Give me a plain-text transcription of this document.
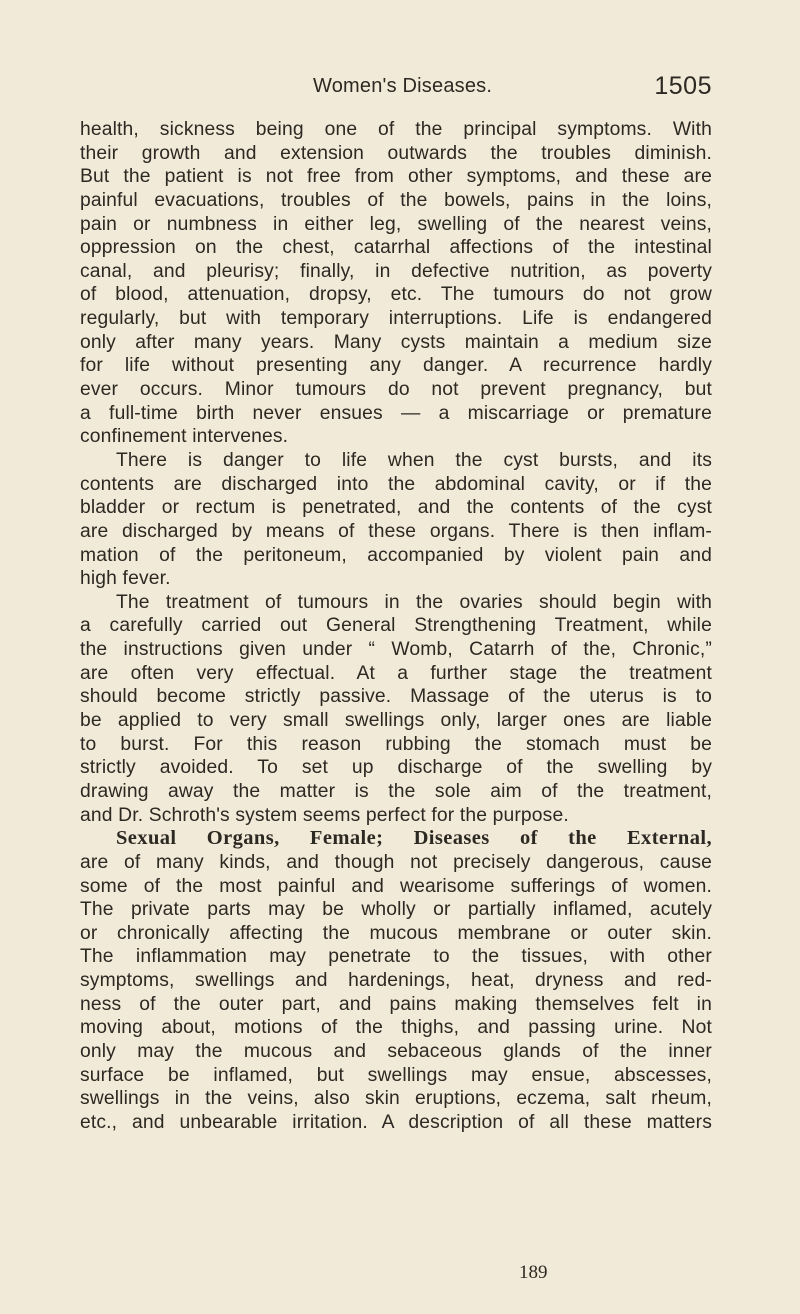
Women's Diseases.	1505
health, sickness being one of the principal symptoms. With
their growth and extension outwards the troubles diminish.
But the patient is not free from other symptoms, and these are
painful evacuations, troubles of the bowels, pains in the loins,
pain or numbness in either leg, swelling of the nearest veins,
oppression on the chest, catarrhal affections of the intestinal
canal, and pleurisy; finally, in defective nutrition, as poverty
of blood, attenuation, dropsy, etc. The tumours do not grow
regularly, but with temporary interruptions. Life is endangered
only after many years. Many cysts maintain a medium size
for life without presenting any danger. A recurrence hardly
ever occurs. Minor tumours do not prevent pregnancy, but
a full-time birth never ensues — a miscarriage or premature
confinement intervenes.
There is danger to life when the cyst bursts, and its
contents are discharged into the abdominal cavity, or if the
bladder or rectum is penetrated, and the contents of the cyst
are discharged by means of these organs. There is then inflam-
mation of the peritoneum, accompanied by violent pain and
high fever.
The treatment of tumours in the ovaries should begin with
a carefully carried out General Strengthening Treatment, while
the instructions given under “ Womb, Catarrh of the, Chronic,”
are often very effectual. At a further stage the treatment
should become strictly passive. Massage of the uterus is to
be applied to very small swellings only, larger ones are liable
to burst. For this reason rubbing the stomach must be
strictly avoided. To set up discharge of the swelling by
drawing away the matter is the sole aim of the treatment,
and Dr. Schroth's system seems perfect for the purpose.
Sexual Organs, Female; Diseases of the External,
are of many kinds, and though not precisely dangerous, cause
some of the most painful and wearisome sufferings of women.
The private parts may be wholly or partially inflamed, acutely
or chronically affecting the mucous membrane or outer skin.
The inflammation may penetrate to the tissues, with other
symptoms, swellings and hardenings, heat, dryness and red-
ness of the outer part, and pains making themselves felt in
moving about, motions of the thighs, and passing urine. Not
only may the mucous and sebaceous glands of the inner
surface be inflamed, but swellings may ensue, abscesses,
swellings in the veins, also skin eruptions, eczema, salt rheum,
etc., and unbearable irritation. A description of all these matters
189
